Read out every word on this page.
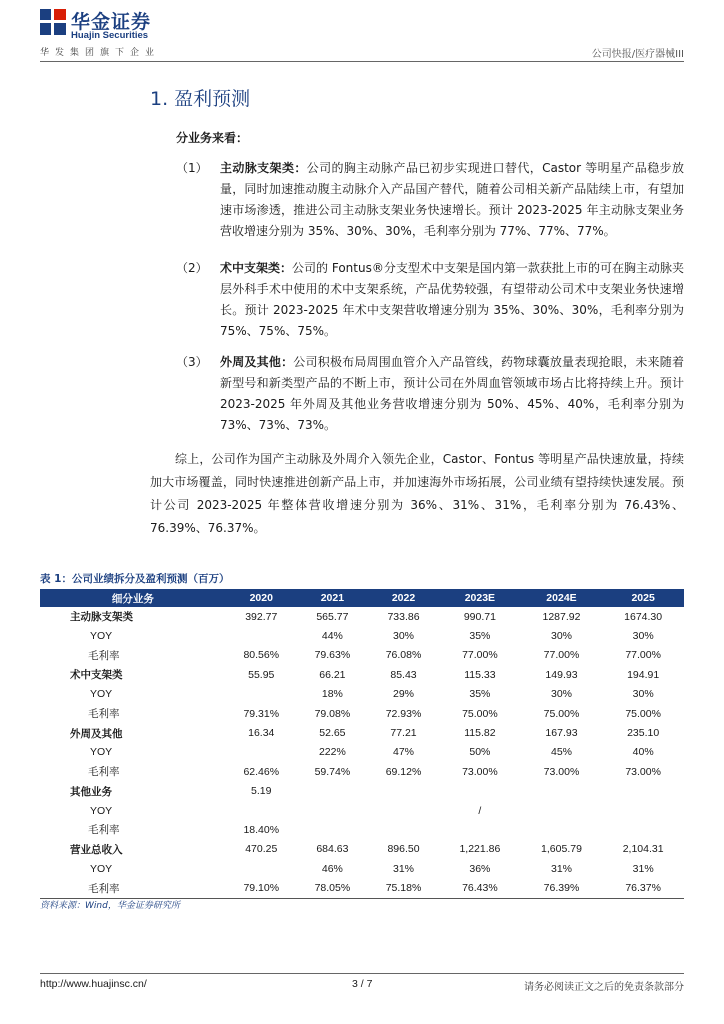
华金证券
Huajin Securities
华发集团旗下企业	公司快报/医疗器械III
1. 盈利预测
分业务来看：
（1） 主动脉支架类：公司的胸主动脉产品已初步实现进口替代，Castor 等明星产品稳步放量，同时加速推动腹主动脉介入产品国产替代，随着公司相关新产品陆续上市，有望加速市场渗透，推进公司主动脉支架业务快速增长。预计 2023-2025 年主动脉支架业务营收增速分别为 35%、30%、30%，毛利率分别为 77%、77%、77%。
（2） 术中支架类：公司的 Fontus®分支型术中支架是国内第一款获批上市的可在胸主动脉夹层外科手术中使用的术中支架系统，产品优势较强，有望带动公司术中支架业务快速增长。预计 2023-2025 年术中支架营收增速分别为 35%、30%、30%，毛利率分别为 75%、75%、75%。
（3） 外周及其他：公司积极布局周围血管介入产品管线，药物球囊放量表现抢眼，未来随着新型号和新类型产品的不断上市，预计公司在外周血管领域市场占比将持续上升。预计 2023-2025 年外周及其他业务营收增速分别为 50%、45%、40%，毛利率分别为 73%、73%、73%。
综上，公司作为国产主动脉及外周介入领先企业，Castor、Fontus 等明星产品快速放量，持续加大市场覆盖，同时快速推进创新产品上市，并加速海外市场拓展，公司业绩有望持续快速发展。预计公司 2023-2025 年整体营收增速分别为 36%、31%、31%，毛利率分别为 76.43%、76.39%、76.37%。
表 1：公司业绩拆分及盈利预测（百万）
细分业务	2020	2021	2022	2023E	2024E	2025
主动脉支架类	392.77	565.77	733.86	990.71	1287.92	1674.30
YOY		44%	30%	35%	30%	30%
毛利率	80.56%	79.63%	76.08%	77.00%	77.00%	77.00%
术中支架类	55.95	66.21	85.43	115.33	149.93	194.91
YOY		18%	29%	35%	30%	30%
毛利率	79.31%	79.08%	72.93%	75.00%	75.00%	75.00%
外周及其他	16.34	52.65	77.21	115.82	167.93	235.10
YOY		222%	47%	50%	45%	40%
毛利率	62.46%	59.74%	69.12%	73.00%	73.00%	73.00%
其他业务	5.19					
YOY				/		
毛利率	18.40%					
营业总收入	470.25	684.63	896.50	1,221.86	1,605.79	2,104.31
YOY		46%	31%	36%	31%	31%
毛利率	79.10%	78.05%	75.18%	76.43%	76.39%	76.37%
资料来源：Wind，华金证券研究所
http://www.huajinsc.cn/	3 / 7	请务必阅读正文之后的免责条款部分
